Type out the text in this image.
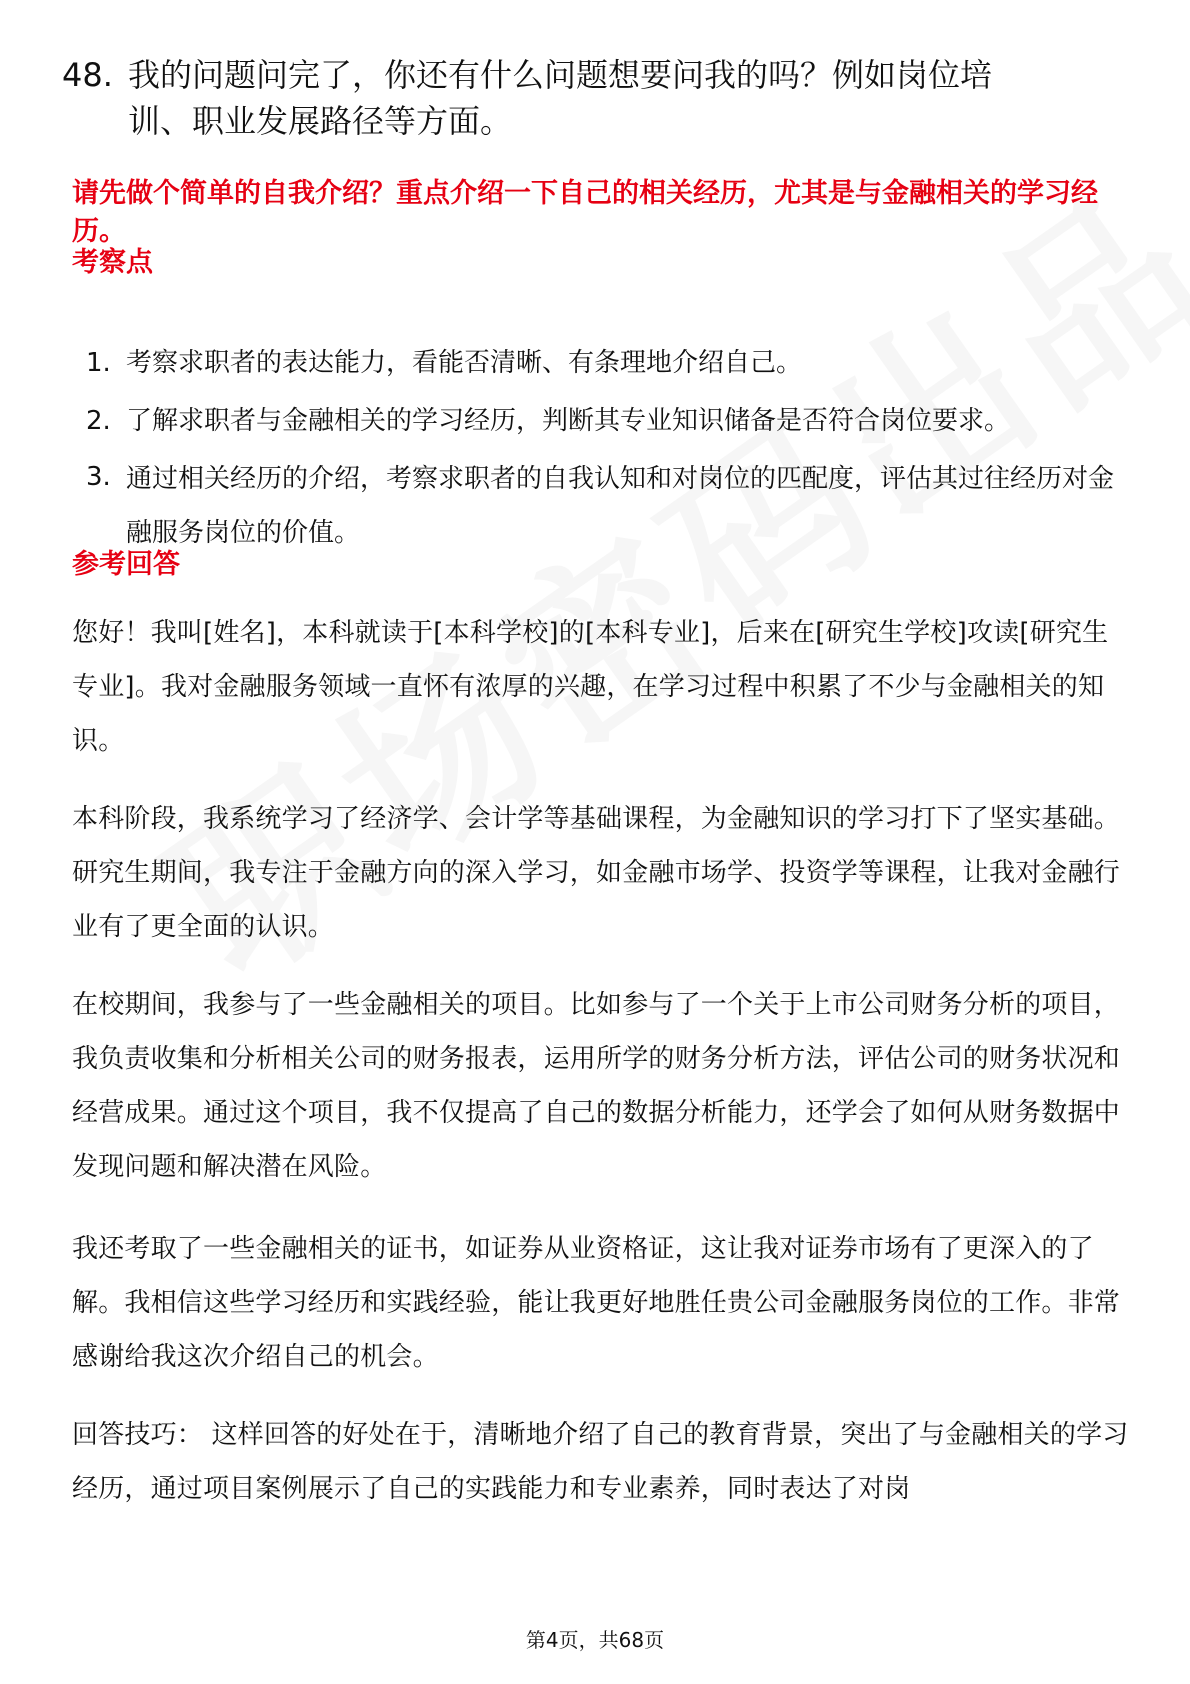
48. 我的问题问完了，你还有什么问题想要问我的吗？例如岗位培
训、职业发展路径等方面。
请先做个简单的自我介绍？重点介绍一下自己的相关经历，尤其是与金融相关的学习经历。
考察点
1. 考察求职者的表达能力，看能否清晰、有条理地介绍自己。
2. 了解求职者与金融相关的学习经历，判断其专业知识储备是否符合岗位要求。
3. 通过相关经历的介绍，考察求职者的自我认知和对岗位的匹配度，评估其过往经历对金融服务岗位的价值。
参考回答
您好！我叫[姓名]，本科就读于[本科学校]的[本科专业]，后来在[研究生学校]攻读[研究生专业]。我对金融服务领域一直怀有浓厚的兴趣，在学习过程中积累了不少与金融相关的知识。
本科阶段，我系统学习了经济学、会计学等基础课程，为金融知识的学习打下了坚实基础。研究生期间，我专注于金融方向的深入学习，如金融市场学、投资学等课程，让我对金融行业有了更全面的认识。
在校期间，我参与了一些金融相关的项目。比如参与了一个关于上市公司财务分析的项目，我负责收集和分析相关公司的财务报表，运用所学的财务分析方法，评估公司的财务状况和经营成果。通过这个项目，我不仅提高了自己的数据分析能力，还学会了如何从财务数据中发现问题和解决潜在风险。
我还考取了一些金融相关的证书，如证券从业资格证，这让我对证券市场有了更深入的了解。我相信这些学习经历和实践经验，能让我更好地胜任贵公司金融服务岗位的工作。非常感谢给我这次介绍自己的机会。
回答技巧： 这样回答的好处在于，清晰地介绍了自己的教育背景，突出了与金融相关的学习经历，通过项目案例展示了自己的实践能力和专业素养，同时表达了对岗
第4页，共68页
